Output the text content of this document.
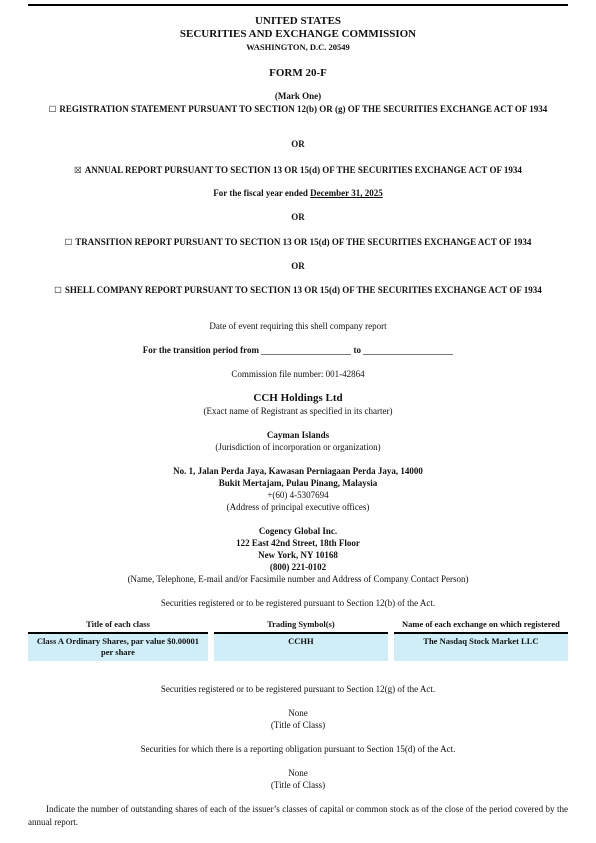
UNITED STATES
SECURITIES AND EXCHANGE COMMISSION
WASHINGTON, D.C. 20549
FORM 20-F
(Mark One)
☐ REGISTRATION STATEMENT PURSUANT TO SECTION 12(b) OR (g) OF THE SECURITIES EXCHANGE ACT OF 1934
OR
☒ ANNUAL REPORT PURSUANT TO SECTION 13 OR 15(d) OF THE SECURITIES EXCHANGE ACT OF 1934
For the fiscal year ended December 31, 2025
OR
☐ TRANSITION REPORT PURSUANT TO SECTION 13 OR 15(d) OF THE SECURITIES EXCHANGE ACT OF 1934
OR
☐ SHELL COMPANY REPORT PURSUANT TO SECTION 13 OR 15(d) OF THE SECURITIES EXCHANGE ACT OF 1934
Date of event requiring this shell company report
For the transition period from	to
Commission file number: 001-42864
CCH Holdings Ltd
(Exact name of Registrant as specified in its charter)
Cayman Islands
(Jurisdiction of incorporation or organization)
No. 1, Jalan Perda Jaya, Kawasan Perniagaan Perda Jaya, 14000
Bukit Mertajam, Pulau Pinang, Malaysia
+(60) 4-5307694
(Address of principal executive offices)
Cogency Global Inc.
122 East 42nd Street, 18th Floor
New York, NY 10168
(800) 221-0102
(Name, Telephone, E-mail and/or Facsimile number and Address of Company Contact Person)
Securities registered or to be registered pursuant to Section 12(b) of the Act.
Title of each class		Trading Symbol(s)		Name of each exchange on which registered
Class A Ordinary Shares, par value $0.00001 per share		CCHH		The Nasdaq Stock Market LLC
Securities registered or to be registered pursuant to Section 12(g) of the Act.
None
(Title of Class)
Securities for which there is a reporting obligation pursuant to Section 15(d) of the Act.
None
(Title of Class)
Indicate the number of outstanding shares of each of the issuer’s classes of capital or common stock as of the close of the period covered by the annual report.
